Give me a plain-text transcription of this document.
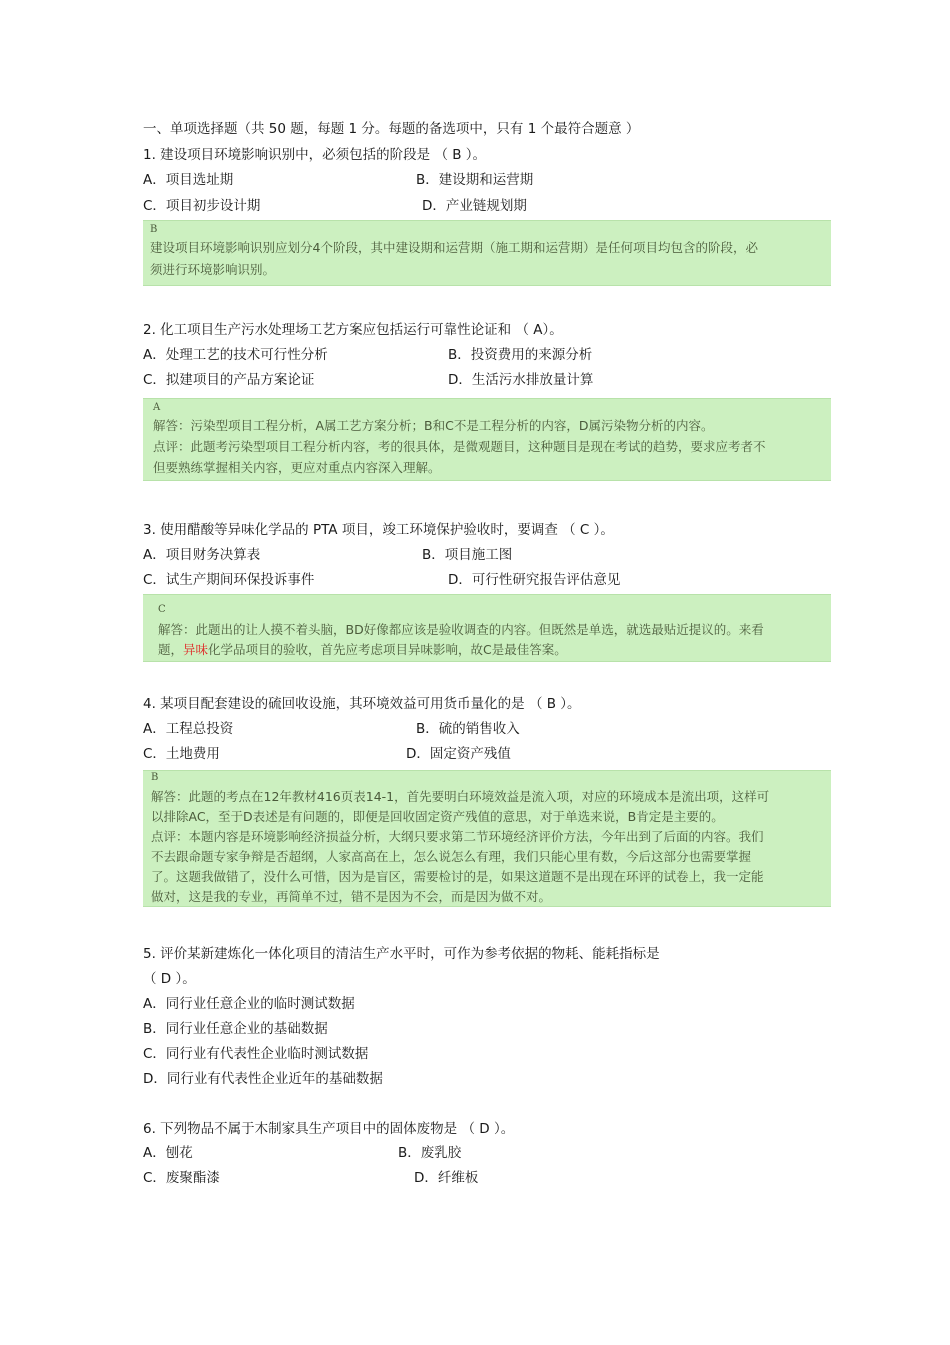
一、单项选择题（共 50 题，每题 1 分。每题的备选项中，只有 1 个最符合题意 ）
1. 建设项目环境影响识别中，必须包括的阶段是 （ B ）。
A．项目选址期	B．建设期和运营期
C．项目初步设计期	D．产业链规划期
B
建设项目环境影响识别应划分4个阶段，其中建设期和运营期（施工期和运营期）是任何项目均包含的阶段，必
须进行环境影响识别。
2. 化工项目生产污水处理场工艺方案应包括运行可靠性论证和 （ A）。
A．处理工艺的技术可行性分析	B．投资费用的来源分析
C．拟建项目的产品方案论证	D．生活污水排放量计算
A
解答：污染型项目工程分析，A属工艺方案分析；B和C不是工程分析的内容，D属污染物分析的内容。
点评：此题考污染型项目工程分析内容，考的很具体，是微观题目，这种题目是现在考试的趋势，要求应考者不
但要熟练掌握相关内容，更应对重点内容深入理解。
3. 使用醋酸等异味化学品的 PTA 项目，竣工环境保护验收时，要调查 （ C ）。
A．项目财务决算表	B．项目施工图
C．试生产期间环保投诉事件	D．可行性研究报告评估意见
C
解答：此题出的让人摸不着头脑，BD好像都应该是验收调查的内容。但既然是单选，就选最贴近提议的。来看
题，异味化学品项目的验收，首先应考虑项目异味影响，故C是最佳答案。
4. 某项目配套建设的硫回收设施，其环境效益可用货币量化的是 （ B ）。
A．工程总投资	B．硫的销售收入
C．土地费用	D．固定资产残值
B
解答：此题的考点在12年教材416页表14-1，首先要明白环境效益是流入项，对应的环境成本是流出项，这样可
以排除AC，至于D表述是有问题的，即便是回收固定资产残值的意思，对于单选来说，B肯定是主要的。
点评：本题内容是环境影响经济损益分析，大纲只要求第二节环境经济评价方法，今年出到了后面的内容。我们
不去跟命题专家争辩是否超纲，人家高高在上，怎么说怎么有理，我们只能心里有数，今后这部分也需要掌握
了。这题我做错了，没什么可惜，因为是盲区，需要检讨的是，如果这道题不是出现在环评的试卷上，我一定能
做对，这是我的专业，再简单不过，错不是因为不会，而是因为做不对。
5. 评价某新建炼化一体化项目的清洁生产水平时，可作为参考依据的物耗、能耗指标是
（ D ）。
A．同行业任意企业的临时测试数据
B．同行业任意企业的基础数据
C．同行业有代表性企业临时测试数据
D．同行业有代表性企业近年的基础数据
6. 下列物品不属于木制家具生产项目中的固体废物是 （ D ）。
A．刨花	B．废乳胶
C．废聚酯漆	D．纤维板
